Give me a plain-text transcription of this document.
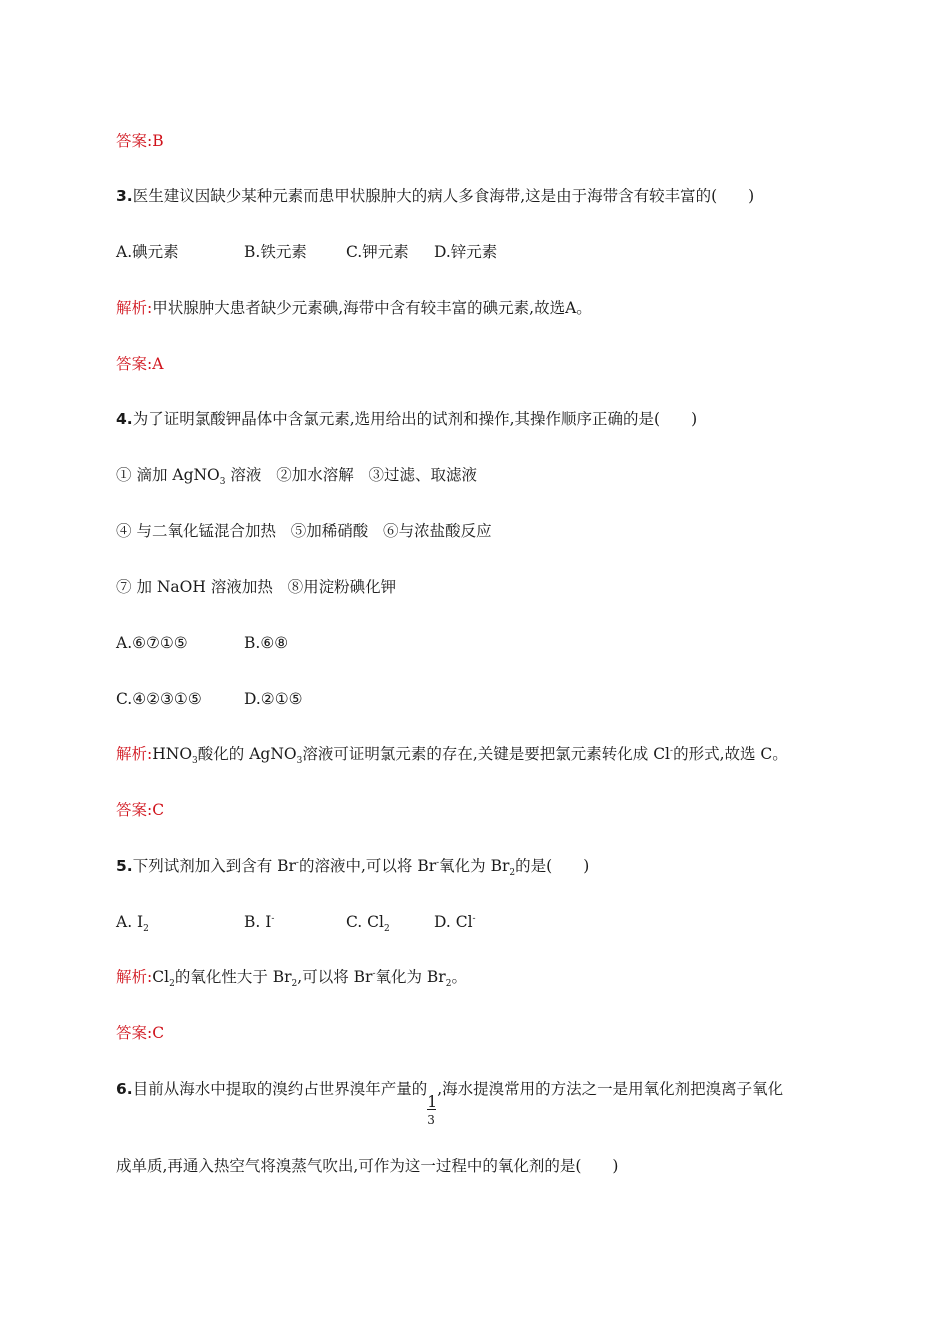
答案:B
3.医生建议因缺少某种元素而患甲状腺肿大的病人多食海带,这是由于海带含有较丰富的(　　)
A.碘元素	B.铁元素	C.钾元素 D.锌元素
解析:甲状腺肿大患者缺少元素碘,海带中含有较丰富的碘元素,故选A。
答案:A
4.为了证明氯酸钾晶体中含氯元素,选用给出的试剂和操作,其操作顺序正确的是(　　)
① 滴加 AgNO$_3$ 溶液 ②加水溶解 ③过滤、取滤液
④ 与二氧化锰混合加热 ⑤加稀硝酸 ⑥与浓盐酸反应
⑦ 加 NaOH 溶液加热 ⑧用淀粉碘化钾
A.⑥⑦①⑤	B.⑥⑧
C.④②③①⑤	D.②①⑤
解析$:HNO_3$酸化的 AgNO$_3$溶液可证明氯元素的存在,关键是要把氯元素转化成 Cl-的形式,故选 C。
答案:C
5.下列试剂加入到含有 Br-的溶液中,可以将 Br-氧化为 $Br_2$的是(　　)
A. $I_2$	B. I-	C. $Cl_2$	D. Cl-
解析$:Cl_2$的氧化性大于 $Br_2$,可以将 Br-氧化为 $Br_2$。
答案:C
6.目前从海水中提取的溴约占世界溴年产量的
$\frac{1}{3}$
,海水提溴常用的方法之一是用氧化剂把溴离子氧化
成单质,再通入热空气将溴蒸气吹出,可作为这一过程中的氧化剂的是(　　)
